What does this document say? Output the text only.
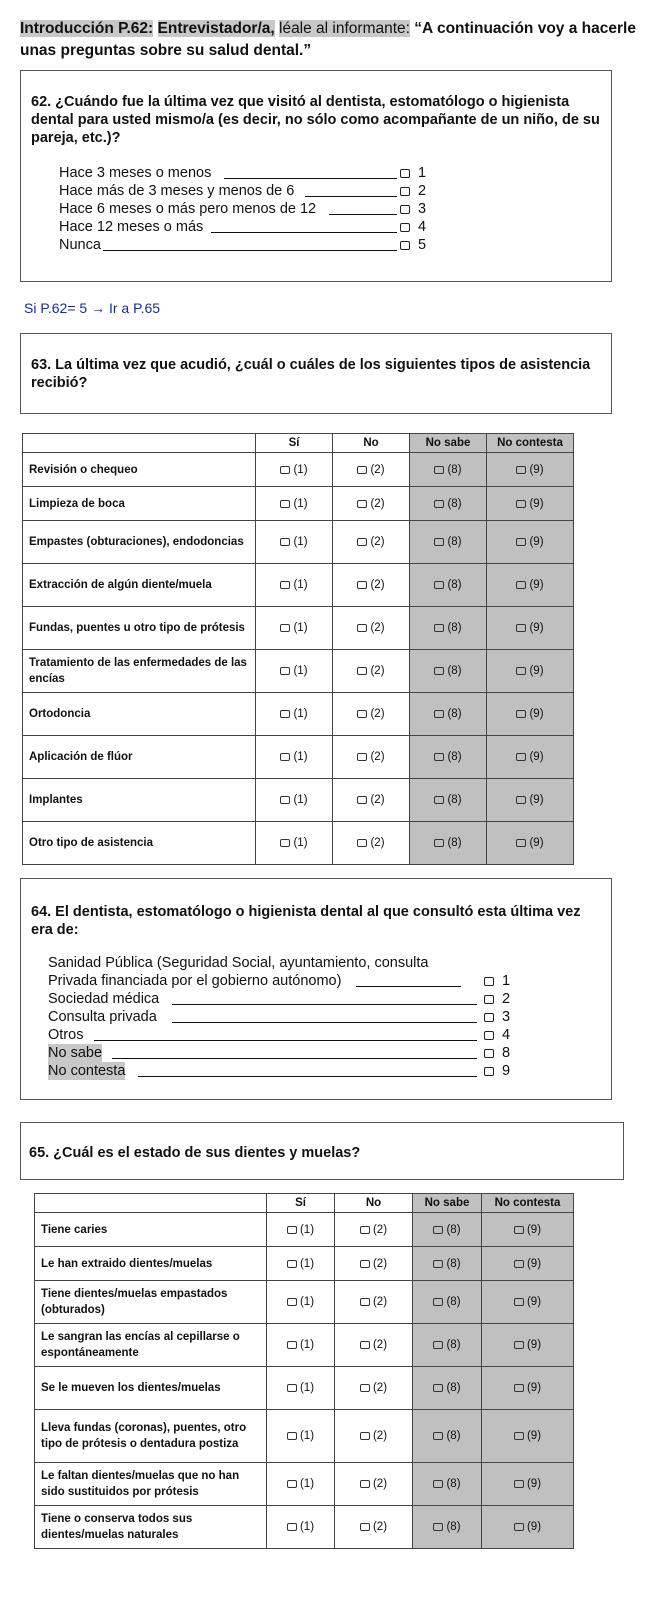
Introducción P.62: Entrevistador/a, léale al informante: “A continuación voy a hacerle unas preguntas sobre su salud dental.”
62. ¿Cuándo fue la última vez que visitó al dentista, estomatólogo o higienista dental para usted mismo/a (es decir, no sólo como acompañante de un niño, de su pareja, etc.)?
Hace 3 meses o menos	1
Hace más de 3 meses y menos de 6	2
Hace 6 meses o más pero menos de 12	3
Hace 12 meses o más	4
Nunca	5
Si P.62= 5 → Ir a P.65
63. La última vez que acudió, ¿cuál o cuáles de los siguientes tipos de asistencia recibió?
	Sí	No	No sabe	No contesta
Revisión o chequeo	(1)	(2)	(8)	(9)
Limpieza de boca	(1)	(2)	(8)	(9)
Empastes (obturaciones), endodoncias	(1)	(2)	(8)	(9)
Extracción de algún diente/muela	(1)	(2)	(8)	(9)
Fundas, puentes u otro tipo de prótesis	(1)	(2)	(8)	(9)
Tratamiento de las enfermedades de las encías	(1)	(2)	(8)	(9)
Ortodoncia	(1)	(2)	(8)	(9)
Aplicación de flúor	(1)	(2)	(8)	(9)
Implantes	(1)	(2)	(8)	(9)
Otro tipo de asistencia	(1)	(2)	(8)	(9)
64. El dentista, estomatólogo o higienista dental al que consultó esta última vez era de:
Sanidad Pública (Seguridad Social, ayuntamiento, consulta
Privada financiada por el gobierno autónomo)	1
Sociedad médica	2
Consulta privada	3
Otros	4
No sabe	8
No contesta	9
65. ¿Cuál es el estado de sus dientes y muelas?
	Sí	No	No sabe	No contesta
Tiene caries	(1)	(2)	(8)	(9)
Le han extraido dientes/muelas	(1)	(2)	(8)	(9)
Tiene dientes/muelas empastados (obturados)	(1)	(2)	(8)	(9)
Le sangran las encías al cepillarse o espontáneamente	(1)	(2)	(8)	(9)
Se le mueven los dientes/muelas	(1)	(2)	(8)	(9)
Lleva fundas (coronas), puentes, otro tipo de prótesis o dentadura postiza	(1)	(2)	(8)	(9)
Le faltan dientes/muelas que no han sido sustituidos por prótesis	(1)	(2)	(8)	(9)
Tiene o conserva todos sus dientes/muelas naturales	(1)	(2)	(8)	(9)
